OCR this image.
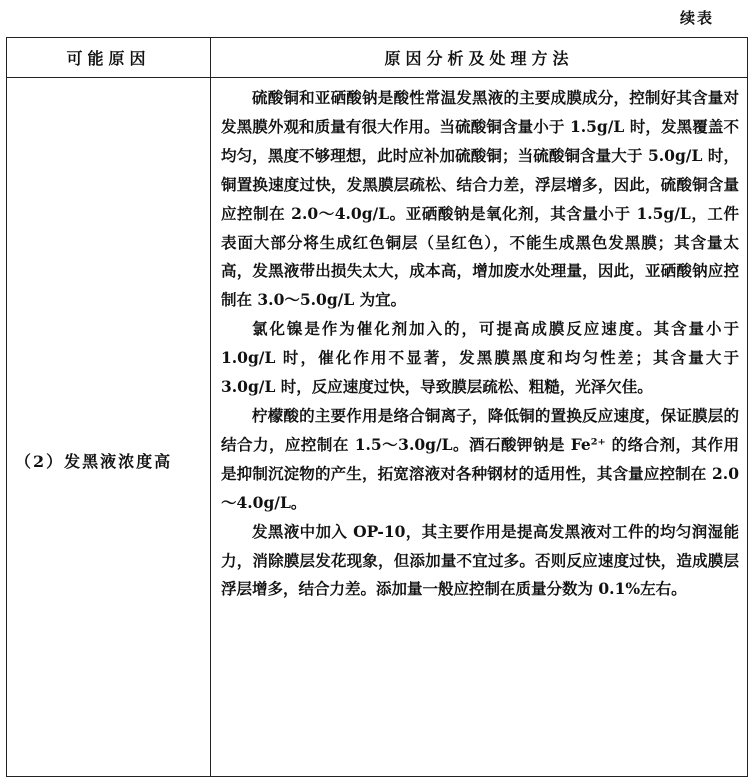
续表
可能原因	原因分析及处理方法

（2）发黑液浓度高	硫酸铜和亚硒酸钠是酸性常温发黑液的主要成膜成分，控制好其含量对发黑膜外观和质量有很大作用。当硫酸铜含量小于 1.5g/L 时，发黑覆盖不均匀，黑度不够理想，此时应补加硫酸铜；当硫酸铜含量大于 5.0g/L 时，铜置换速度过快，发黑膜层疏松、结合力差，浮层增多，因此，硫酸铜含量应控制在 2.0～4.0g/L。亚硒酸钠是氧化剂，其含量小于 1.5g/L，工件表面大部分将生成红色铜层（呈红色），不能生成黑色发黑膜；其含量太高，发黑液带出损失太大，成本高，增加废水处理量，因此，亚硒酸钠应控制在 3.0～5.0g/L 为宜。

氯化镍是作为催化剂加入的，可提高成膜反应速度。其含量小于 1.0g/L 时，催化作用不显著，发黑膜黑度和均匀性差；其含量大于 3.0g/L 时，反应速度过快，导致膜层疏松、粗糙，光泽欠佳。

柠檬酸的主要作用是络合铜离子，降低铜的置换反应速度，保证膜层的结合力，应控制在 1.5～3.0g/L。酒石酸钾钠是 Fe²⁺ 的络合剂，其作用是抑制沉淀物的产生，拓宽溶液对各种钢材的适用性，其含量应控制在 2.0～4.0g/L。

发黑液中加入 OP-10，其主要作用是提高发黑液对工件的均匀润湿能力，消除膜层发花现象，但添加量不宜过多。否则反应速度过快，造成膜层浮层增多，结合力差。添加量一般应控制在质量分数为 0.1%左右。
